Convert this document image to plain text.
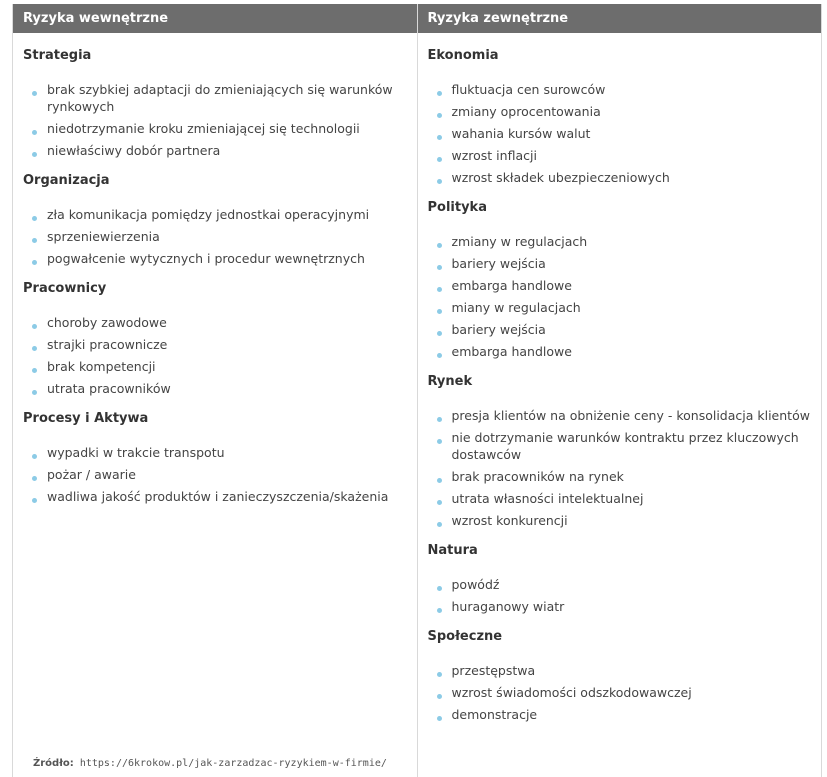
Ryzyka wewnętrzne
Strategia
brak szybkiej adaptacji do zmieniających się warunków rynkowych
niedotrzymanie kroku zmieniającej się technologii
niewłaściwy dobór partnera
Organizacja
zła komunikacja pomiędzy jednostkai operacyjnymi
sprzeniewierzenia
pogwałcenie wytycznych i procedur wewnętrznych
Pracownicy
choroby zawodowe
strajki pracownicze
brak kompetencji
utrata pracowników
Procesy i Aktywa
wypadki w trakcie transpotu
pożar / awarie
wadliwa jakość produktów i zanieczyszczenia/skażenia
Ryzyka zewnętrzne
Ekonomia
fluktuacja cen surowców
zmiany oprocentowania
wahania kursów walut
wzrost inflacji
wzrost składek ubezpieczeniowych
Polityka
zmiany w regulacjach
bariery wejścia
embarga handlowe
miany w regulacjach
bariery wejścia
embarga handlowe
Rynek
presja klientów na obniżenie ceny - konsolidacja klientów
nie dotrzymanie warunków kontraktu przez kluczowych dostawców
brak pracowników na rynek
utrata własności intelektualnej
wzrost konkurencji
Natura
powódź
huraganowy wiatr
Społeczne
przestępstwa
wzrost świadomości odszkodowawczej
demonstracje
Źródło: https://6krokow.pl/jak-zarzadzac-ryzykiem-w-firmie/
